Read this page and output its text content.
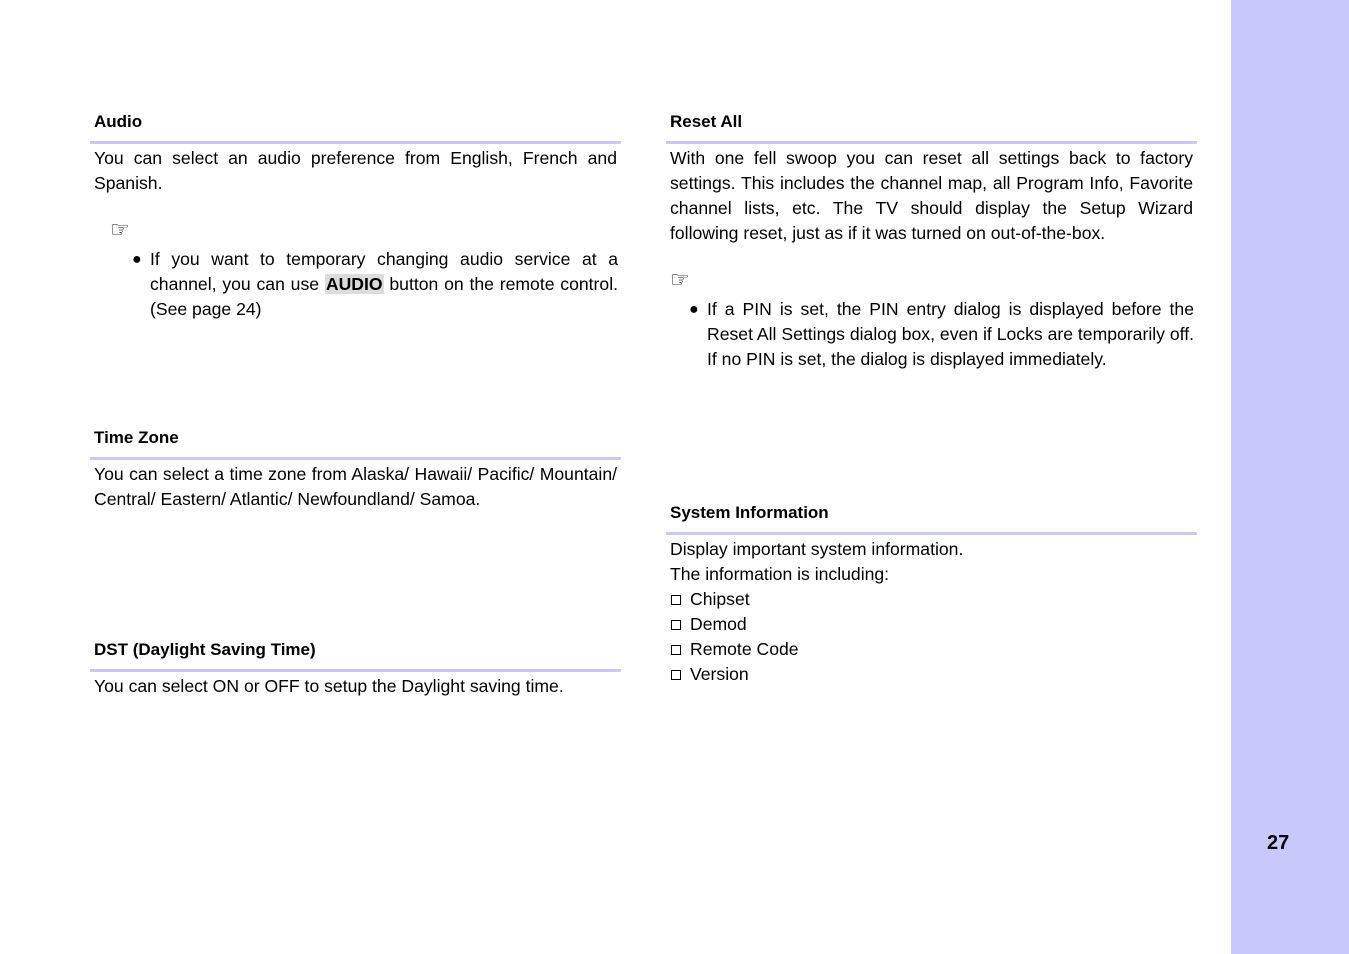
27
Audio
You can select an audio preference from English, French and Spanish.
☞
● If you want to temporary changing audio service at a channel, you can use AUDIO button on the remote control. (See page 24)
Time Zone
You can select a time zone from Alaska/ Hawaii/ Pacific/ Mountain/ Central/ Eastern/ Atlantic/ Newfoundland/ Samoa.
DST (Daylight Saving Time)
You can select ON or OFF to setup the Daylight saving time.
Reset All
With one fell swoop you can reset all settings back to factory settings. This includes the channel map, all Program Info, Favorite channel lists, etc. The TV should display the Setup Wizard following reset, just as if it was turned on out-of-the-box.
☞
● If a PIN is set, the PIN entry dialog is displayed before the Reset All Settings dialog box, even if Locks are temporarily off. If no PIN is set, the dialog is displayed immediately.
System Information
Display important system information.
The information is including:
Chipset
Demod
Remote Code
Version
